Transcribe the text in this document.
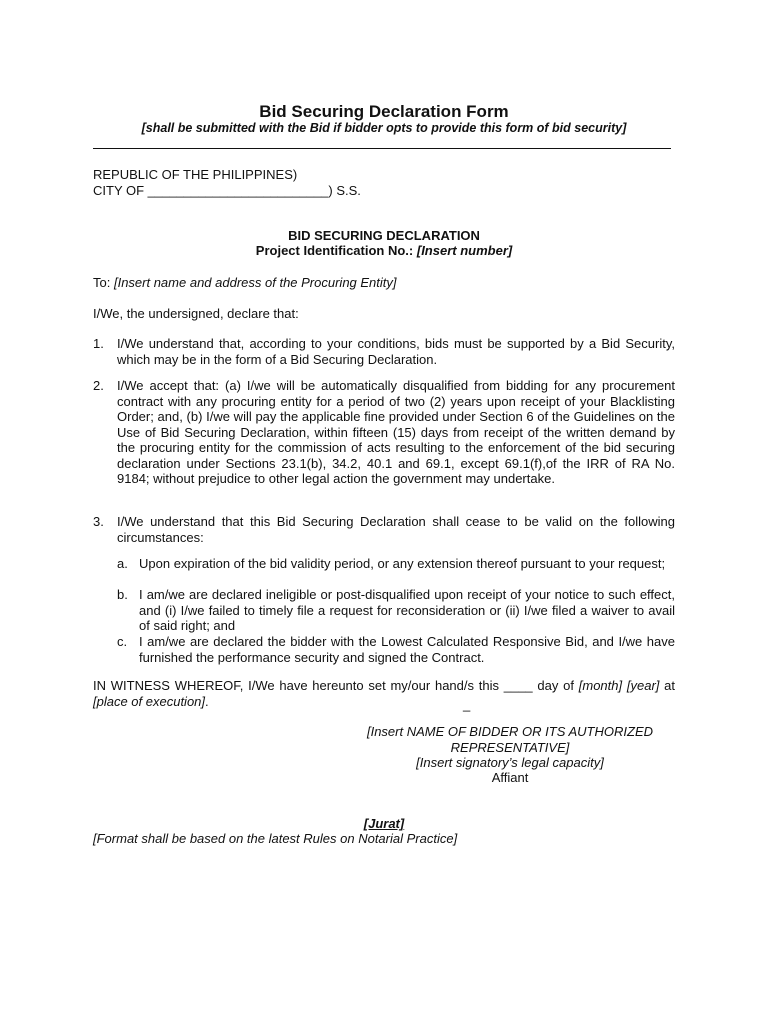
Bid Securing Declaration Form
[shall be submitted with the Bid if bidder opts to provide this form of bid security]
REPUBLIC OF THE PHILIPPINES)
CITY OF _________________________) S.S.
BID SECURING DECLARATION
Project Identification No.: [Insert number]
To: [Insert name and address of the Procuring Entity]
I/We, the undersigned, declare that:
1. I/We understand that, according to your conditions, bids must be supported by a Bid Security, which may be in the form of a Bid Securing Declaration.
2. I/We accept that: (a) I/we will be automatically disqualified from bidding for any procurement contract with any procuring entity for a period of two (2) years upon receipt of your Blacklisting Order; and, (b) I/we will pay the applicable fine provided under Section 6 of the Guidelines on the Use of Bid Securing Declaration, within fifteen (15) days from receipt of the written demand by the procuring entity for the commission of acts resulting to the enforcement of the bid securing declaration under Sections 23.1(b), 34.2, 40.1 and 69.1, except 69.1(f),of the IRR of RA No. 9184; without prejudice to other legal action the government may undertake.
3. I/We understand that this Bid Securing Declaration shall cease to be valid on the following circumstances:
a. Upon expiration of the bid validity period, or any extension thereof pursuant to your request;
b. I am/we are declared ineligible or post-disqualified upon receipt of your notice to such effect, and (i) I/we failed to timely file a request for reconsideration or (ii) I/we filed a waiver to avail of said right; and
c. I am/we are declared the bidder with the Lowest Calculated Responsive Bid, and I/we have furnished the performance security and signed the Contract.
IN WITNESS WHEREOF, I/We have hereunto set my/our hand/s this ____ day of [month] [year] at [place of execution].	_
[Insert NAME OF BIDDER OR ITS AUTHORIZED REPRESENTATIVE]
[Insert signatory’s legal capacity]
Affiant
[Jurat]
[Format shall be based on the latest Rules on Notarial Practice]
